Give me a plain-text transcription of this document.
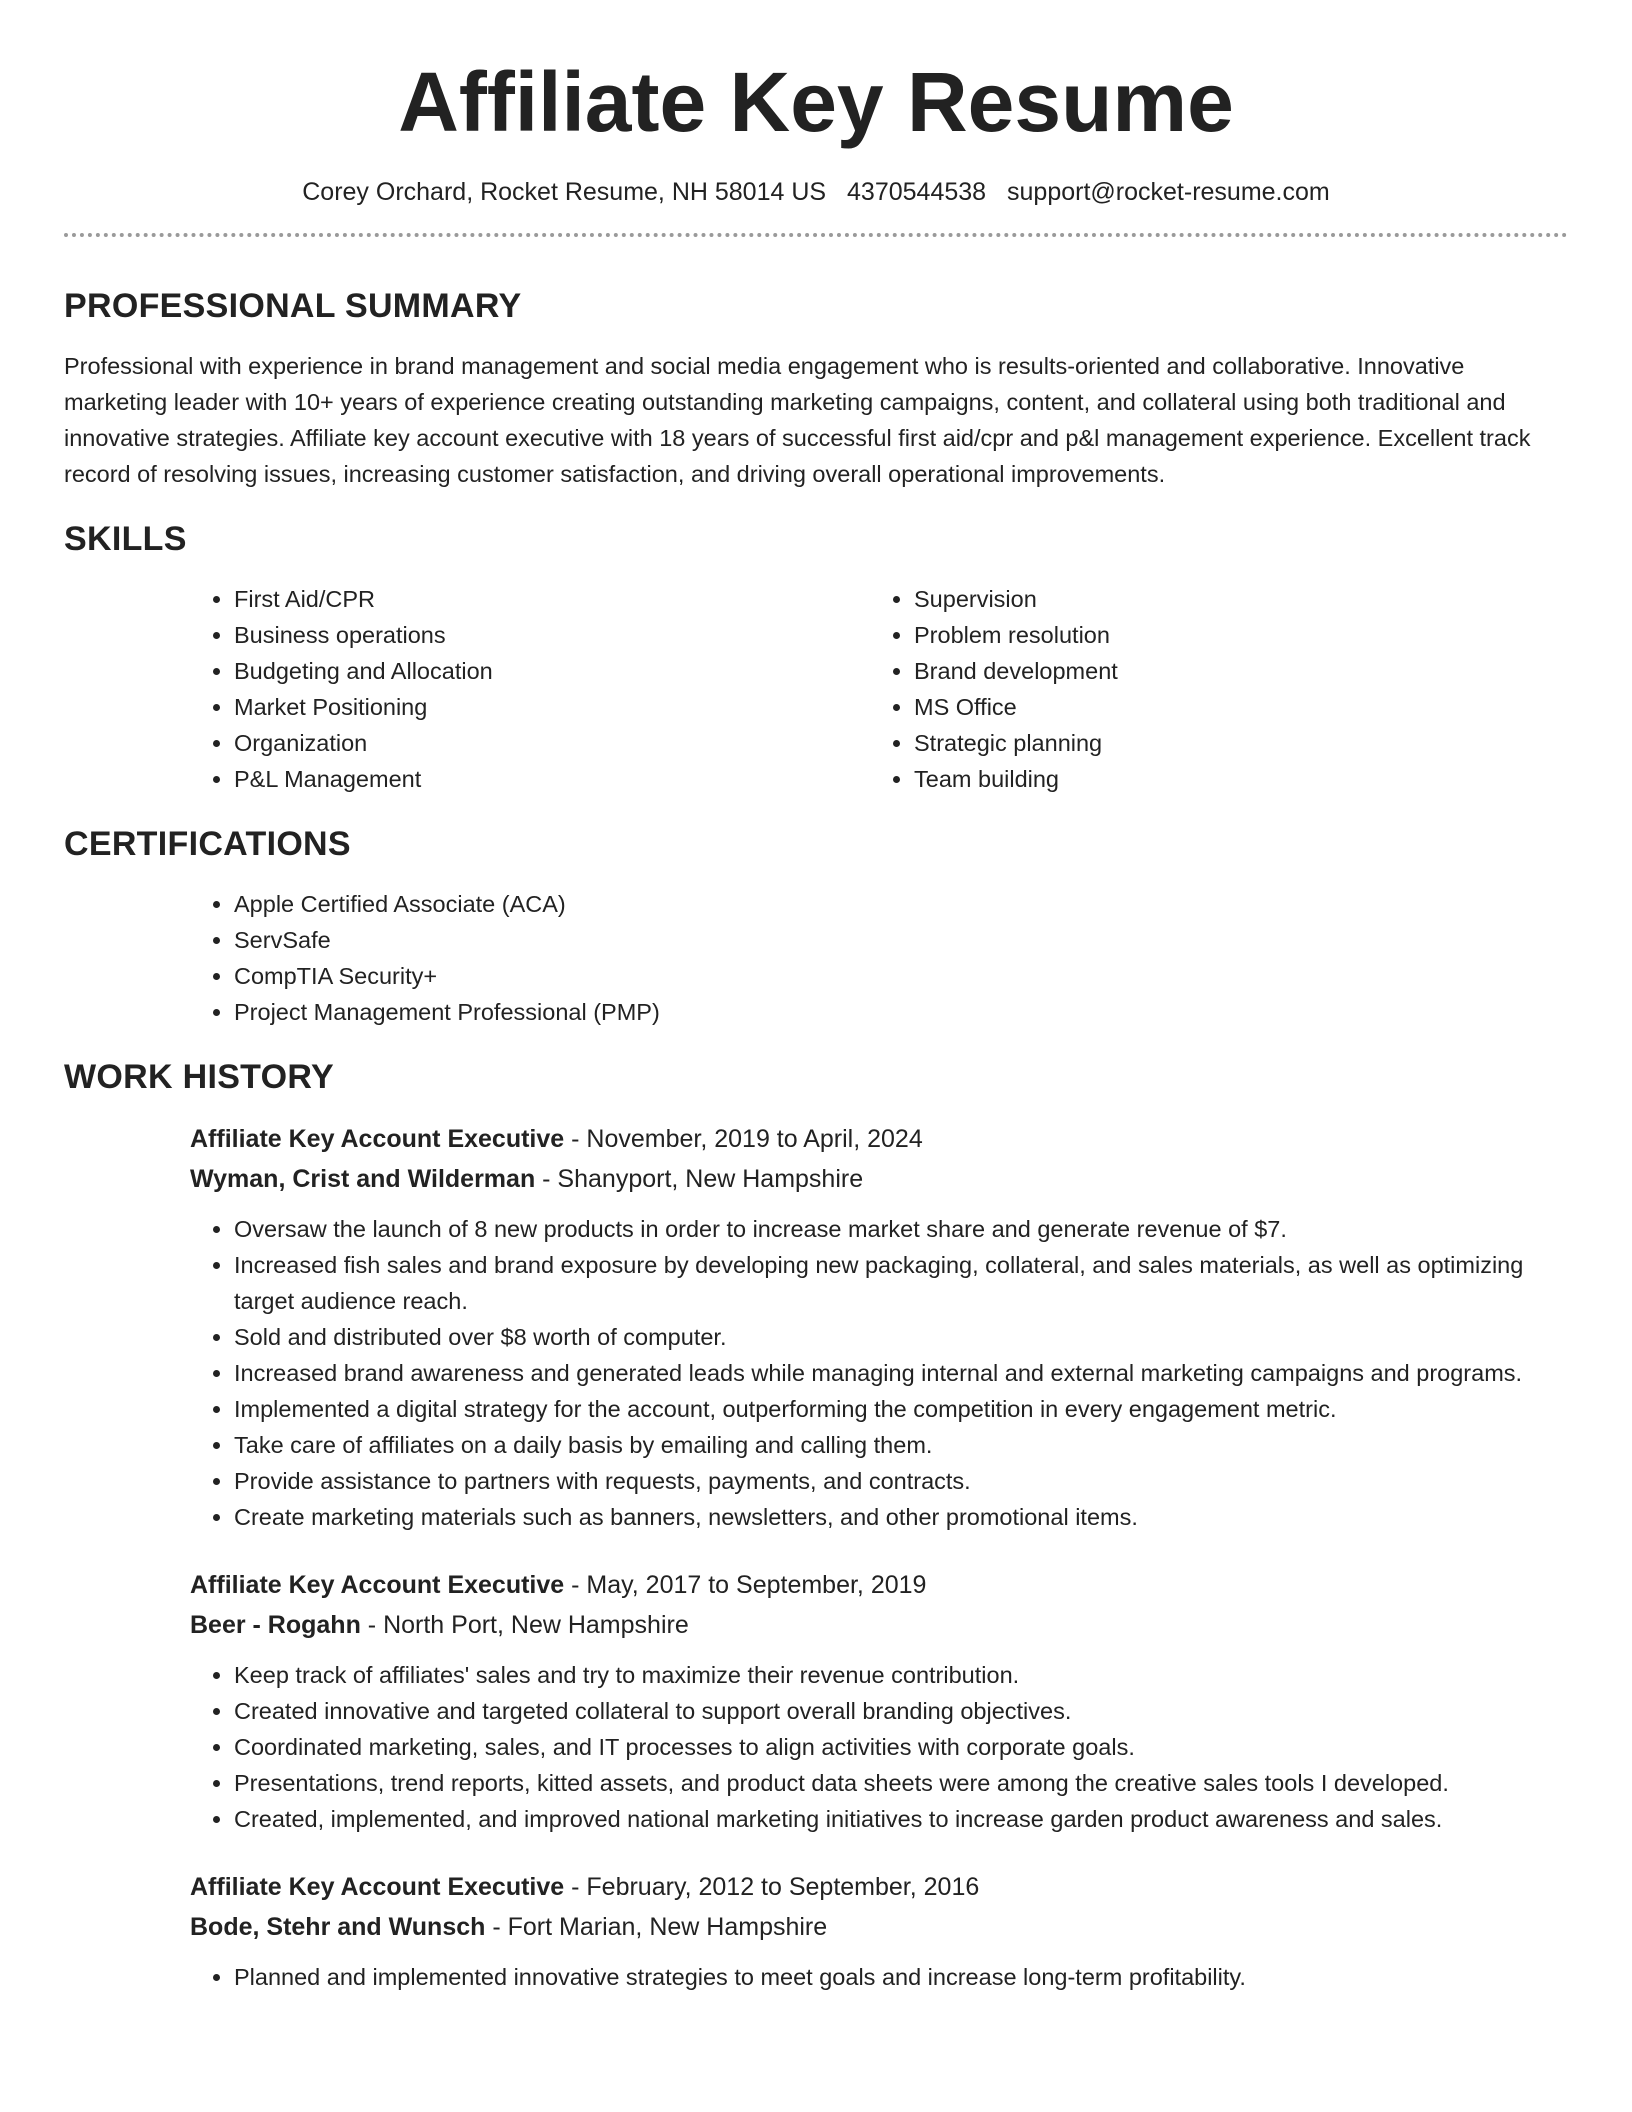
Affiliate Key Resume
Corey Orchard, Rocket Resume, NH 58014 US 4370544538 support@rocket-resume.com
PROFESSIONAL SUMMARY

Professional with experience in brand management and social media engagement who is results-oriented and collaborative. Innovative marketing leader with 10+ years of experience creating outstanding marketing campaigns, content, and collateral using both traditional and innovative strategies. Affiliate key account executive with 18 years of successful first aid/cpr and p&l management experience. Excellent track record of resolving issues, increasing customer satisfaction, and driving overall operational improvements.

SKILLS
• First Aid/CPR
• Business operations
• Budgeting and Allocation
• Market Positioning
• Organization
• P&L Management
• Supervision
• Problem resolution
• Brand development
• MS Office
• Strategic planning
• Team building
CERTIFICATIONS
• Apple Certified Associate (ACA)
• ServSafe
• CompTIA Security+
• Project Management Professional (PMP)
WORK HISTORY
Affiliate Key Account Executive - November, 2019 to April, 2024
Wyman, Crist and Wilderman - Shanyport, New Hampshire
• Oversaw the launch of 8 new products in order to increase market share and generate revenue of $7.
• Increased fish sales and brand exposure by developing new packaging, collateral, and sales materials, as well as optimizing target audience reach.
• Sold and distributed over $8 worth of computer.
• Increased brand awareness and generated leads while managing internal and external marketing campaigns and programs.
• Implemented a digital strategy for the account, outperforming the competition in every engagement metric.
• Take care of affiliates on a daily basis by emailing and calling them.
• Provide assistance to partners with requests, payments, and contracts.
• Create marketing materials such as banners, newsletters, and other promotional items.
Affiliate Key Account Executive - May, 2017 to September, 2019
Beer - Rogahn - North Port, New Hampshire
• Keep track of affiliates' sales and try to maximize their revenue contribution.
• Created innovative and targeted collateral to support overall branding objectives.
• Coordinated marketing, sales, and IT processes to align activities with corporate goals.
• Presentations, trend reports, kitted assets, and product data sheets were among the creative sales tools I developed.
• Created, implemented, and improved national marketing initiatives to increase garden product awareness and sales.
Affiliate Key Account Executive - February, 2012 to September, 2016
Bode, Stehr and Wunsch - Fort Marian, New Hampshire
• Planned and implemented innovative strategies to meet goals and increase long-term profitability.
